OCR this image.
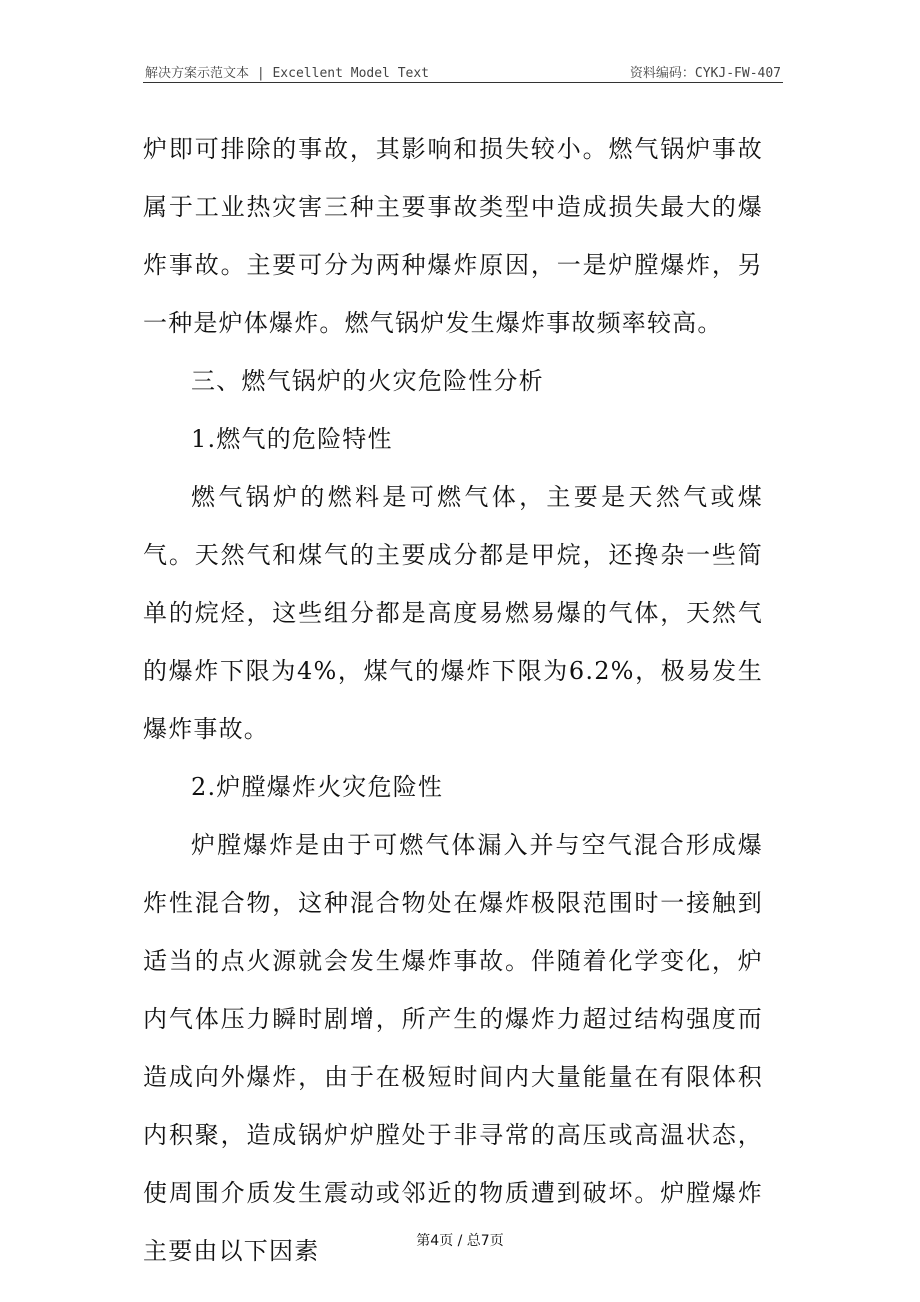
解决方案示范文本 | Excellent Model Text	资料编码：CYKJ-FW-407

炉即可排除的事故，其影响和损失较小。燃气锅炉事故属于工业热灾害三种主要事故类型中造成损失最大的爆炸事故。主要可分为两种爆炸原因，一是炉膛爆炸，另一种是炉体爆炸。燃气锅炉发生爆炸事故频率较高。

三、燃气锅炉的火灾危险性分析

1.燃气的危险特性

燃气锅炉的燃料是可燃气体，主要是天然气或煤气。天然气和煤气的主要成分都是甲烷，还搀杂一些简单的烷烃，这些组分都是高度易燃易爆的气体，天然气的爆炸下限为4%，煤气的爆炸下限为6.2%，极易发生爆炸事故。

2.炉膛爆炸火灾危险性

炉膛爆炸是由于可燃气体漏入并与空气混合形成爆炸性混合物，这种混合物处在爆炸极限范围时一接触到适当的点火源就会发生爆炸事故。伴随着化学变化，炉内气体压力瞬时剧增，所产生的爆炸力超过结构强度而造成向外爆炸，由于在极短时间内大量能量在有限体积内积聚，造成锅炉炉膛处于非寻常的高压或高温状态，使周围介质发生震动或邻近的物质遭到破坏。炉膛爆炸主要由以下因素	第4页 / 总7页
